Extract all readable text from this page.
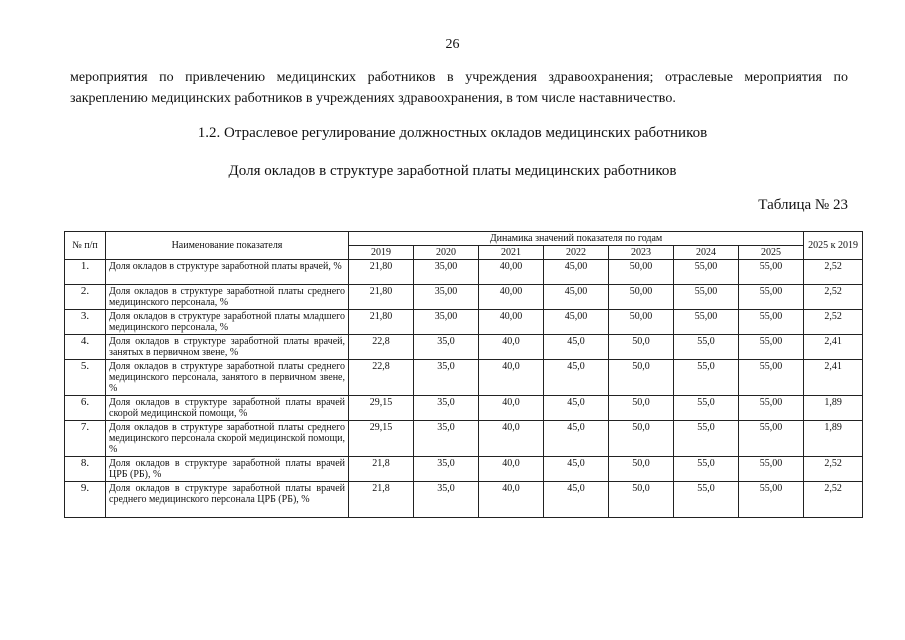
26
мероприятия по привлечению медицинских работников в учреждения здравоохранения; отраслевые мероприятия по закреплению медицинских работников в учреждениях здравоохранения, в том числе наставничество.
1.2. Отраслевое регулирование должностных окладов медицинских работников
Доля окладов в структуре заработной платы медицинских работников
Таблица № 23
№ п/п	Наименование показателя	Динамика значений показателя по годам							2025 к 2019
		2019	2020	2021	2022	2023	2024	2025	
1.	Доля окладов в структуре заработной платы врачей, %	21,80	35,00	40,00	45,00	50,00	55,00	55,00	2,52
2.	Доля окладов в структуре заработной платы среднего медицинского персонала, %	21,80	35,00	40,00	45,00	50,00	55,00	55,00	2,52
3.	Доля окладов в структуре заработной платы младшего медицинского персонала, %	21,80	35,00	40,00	45,00	50,00	55,00	55,00	2,52
4.	Доля окладов в структуре заработной платы врачей, занятых в первичном звене, %	22,8	35,0	40,0	45,0	50,0	55,0	55,00	2,41
5.	Доля окладов в структуре заработной платы среднего медицинского персонала, занятого в первичном звене, %	22,8	35,0	40,0	45,0	50,0	55,0	55,00	2,41
6.	Доля окладов в структуре заработной платы врачей скорой медицинской помощи, %	29,15	35,0	40,0	45,0	50,0	55,0	55,00	1,89
7.	Доля окладов в структуре заработной платы среднего медицинского персонала скорой медицинской помощи, %	29,15	35,0	40,0	45,0	50,0	55,0	55,00	1,89
8.	Доля окладов в структуре заработной платы врачей ЦРБ (РБ), %	21,8	35,0	40,0	45,0	50,0	55,0	55,00	2,52
9.	Доля окладов в структуре заработной платы врачей среднего медицинского персонала ЦРБ (РБ), %	21,8	35,0	40,0	45,0	50,0	55,0	55,00	2,52
